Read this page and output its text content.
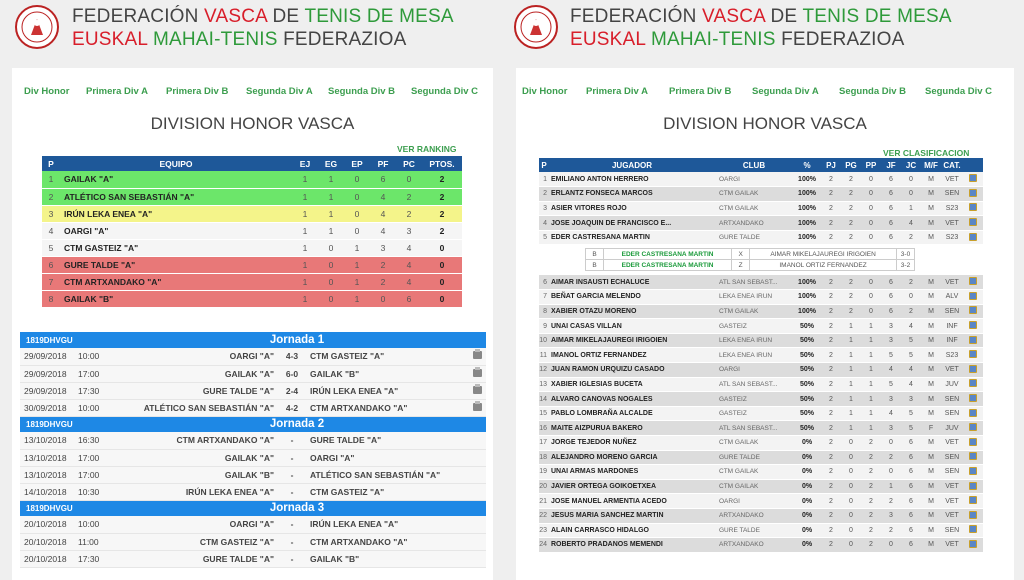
FEDERACIÓN VASCA DE TENIS DE MESA
EUSKAL MAHAI-TENIS FEDERAZIOA
Div Honor Primera Div A Primera Div B Segunda Div A Segunda Div B Segunda Div C
DIVISION HONOR VASCA
VER RANKING
P	EQUIPO	EJ	EG	EP	PF	PC	PTOS.
1	GAILAK "A"	1	1	0	6	0	2
2	ATLÉTICO SAN SEBASTIÁN "A"	1	1	0	4	2	2
3	IRÚN LEKA ENEA "A"	1	1	0	4	2	2
4	OARGI "A"	1	1	0	4	3	2
5	CTM GASTEIZ "A"	1	0	1	3	4	0
6	GURE TALDE "A"	1	0	1	2	4	0
7	CTM ARTXANDAKO "A"	1	0	1	2	4	0
8	GAILAK "B"	1	0	1	0	6	0
1819DHVGU		Jornada 1			
29/09/2018	10:00	OARGI "A"	4-3	CTM GASTEIZ "A"	
29/09/2018	17:00	GAILAK "A"	6-0	GAILAK "B"	
29/09/2018	17:30	GURE TALDE "A"	2-4	IRÚN LEKA ENEA "A"	
30/09/2018	10:00	ATLÉTICO SAN SEBASTIÁN "A"	4-2	CTM ARTXANDAKO "A"	
1819DHVGU		Jornada 2			
13/10/2018	16:30	CTM ARTXANDAKO "A"	-	GURE TALDE "A"	
13/10/2018	17:00	GAILAK "A"	-	OARGI "A"	
13/10/2018	17:00	GAILAK "B"	-	ATLÉTICO SAN SEBASTIÁN "A"	
14/10/2018	10:30	IRÚN LEKA ENEA "A"	-	CTM GASTEIZ "A"	
1819DHVGU		Jornada 3			
20/10/2018	10:00	OARGI "A"	-	IRÚN LEKA ENEA "A"	
20/10/2018	11:00	CTM GASTEIZ "A"	-	CTM ARTXANDAKO "A"	
20/10/2018	17:30	GURE TALDE "A"	-	GAILAK "B"	
FEDERACIÓN VASCA DE TENIS DE MESA
EUSKAL MAHAI-TENIS FEDERAZIOA
Div Honor Primera Div A Primera Div B Segunda Div A Segunda Div B Segunda Div C
DIVISION HONOR VASCA
VER CLASIFICACION
P	JUGADOR	CLUB	%	PJ	PG	PP	JF	JC	M/F	CAT.	
1	EMILIANO ANTON HERRERO	OARGI	100%	2	2	0	6	0	M	VET	
2	ERLANTZ FONSECA MARCOS	CTM GAILAK	100%	2	2	0	6	0	M	SEN	
3	ASIER VITORES ROJO	CTM GAILAK	100%	2	2	0	6	1	M	S23	
4	JOSE JOAQUIN DE FRANCISCO E...	ARTXANDAKO	100%	2	2	0	6	4	M	VET	
5	EDER CASTRESANA MARTIN	GURE TALDE	100%	2	2	0	6	2	M	S23	

B	EDER CASTRESANA MARTIN	X	AIMAR MIKELAJAUREGI IRIGOIEN	3-0
B	EDER CASTRESANA MARTIN	Z	IMANOL ORTIZ FERNANDEZ	3-2

6	AIMAR INSAUSTI ECHALUCE	ATL SAN SEBAST...	100%	2	2	0	6	2	M	VET	
7	BEÑAT GARCIA MELENDO	LEKA ENEA IRUN	100%	2	2	0	6	0	M	ALV	
8	XABIER OTAZU MORENO	CTM GAILAK	100%	2	2	0	6	2	M	SEN	
9	UNAI CASAS VILLAN	GASTEIZ	50%	2	1	1	3	4	M	INF	
10	AIMAR MIKELAJAUREGI IRIGOIEN	LEKA ENEA IRUN	50%	2	1	1	3	5	M	INF	
11	IMANOL ORTIZ FERNANDEZ	LEKA ENEA IRUN	50%	2	1	1	5	5	M	S23	
12	JUAN RAMON URQUIZU CASADO	OARGI	50%	2	1	1	4	4	M	VET	
13	XABIER IGLESIAS BUCETA	ATL SAN SEBAST...	50%	2	1	1	5	4	M	JUV	
14	ALVARO CANOVAS NOGALES	GASTEIZ	50%	2	1	1	3	3	M	SEN	
15	PABLO LOMBRAÑA ALCALDE	GASTEIZ	50%	2	1	1	4	5	M	SEN	
16	MAITE AIZPURUA BAKERO	ATL SAN SEBAST...	50%	2	1	1	3	5	F	JUV	
17	JORGE TEJEDOR NUÑEZ	CTM GAILAK	0%	2	0	2	0	6	M	VET	
18	ALEJANDRO MORENO GARCIA	GURE TALDE	0%	2	0	2	2	6	M	SEN	
19	UNAI ARMAS MARDONES	CTM GAILAK	0%	2	0	2	0	6	M	SEN	
20	JAVIER ORTEGA GOIKOETXEA	CTM GAILAK	0%	2	0	2	1	6	M	VET	
21	JOSE MANUEL ARMENTIA ACEDO	OARGI	0%	2	0	2	2	6	M	VET	
22	JESUS MARIA SANCHEZ MARTIN	ARTXANDAKO	0%	2	0	2	3	6	M	VET	
23	ALAIN CARRASCO HIDALGO	GURE TALDE	0%	2	0	2	2	6	M	SEN	
24	ROBERTO PRADANOS MEMENDI	ARTXANDAKO	0%	2	0	2	0	6	M	VET	
